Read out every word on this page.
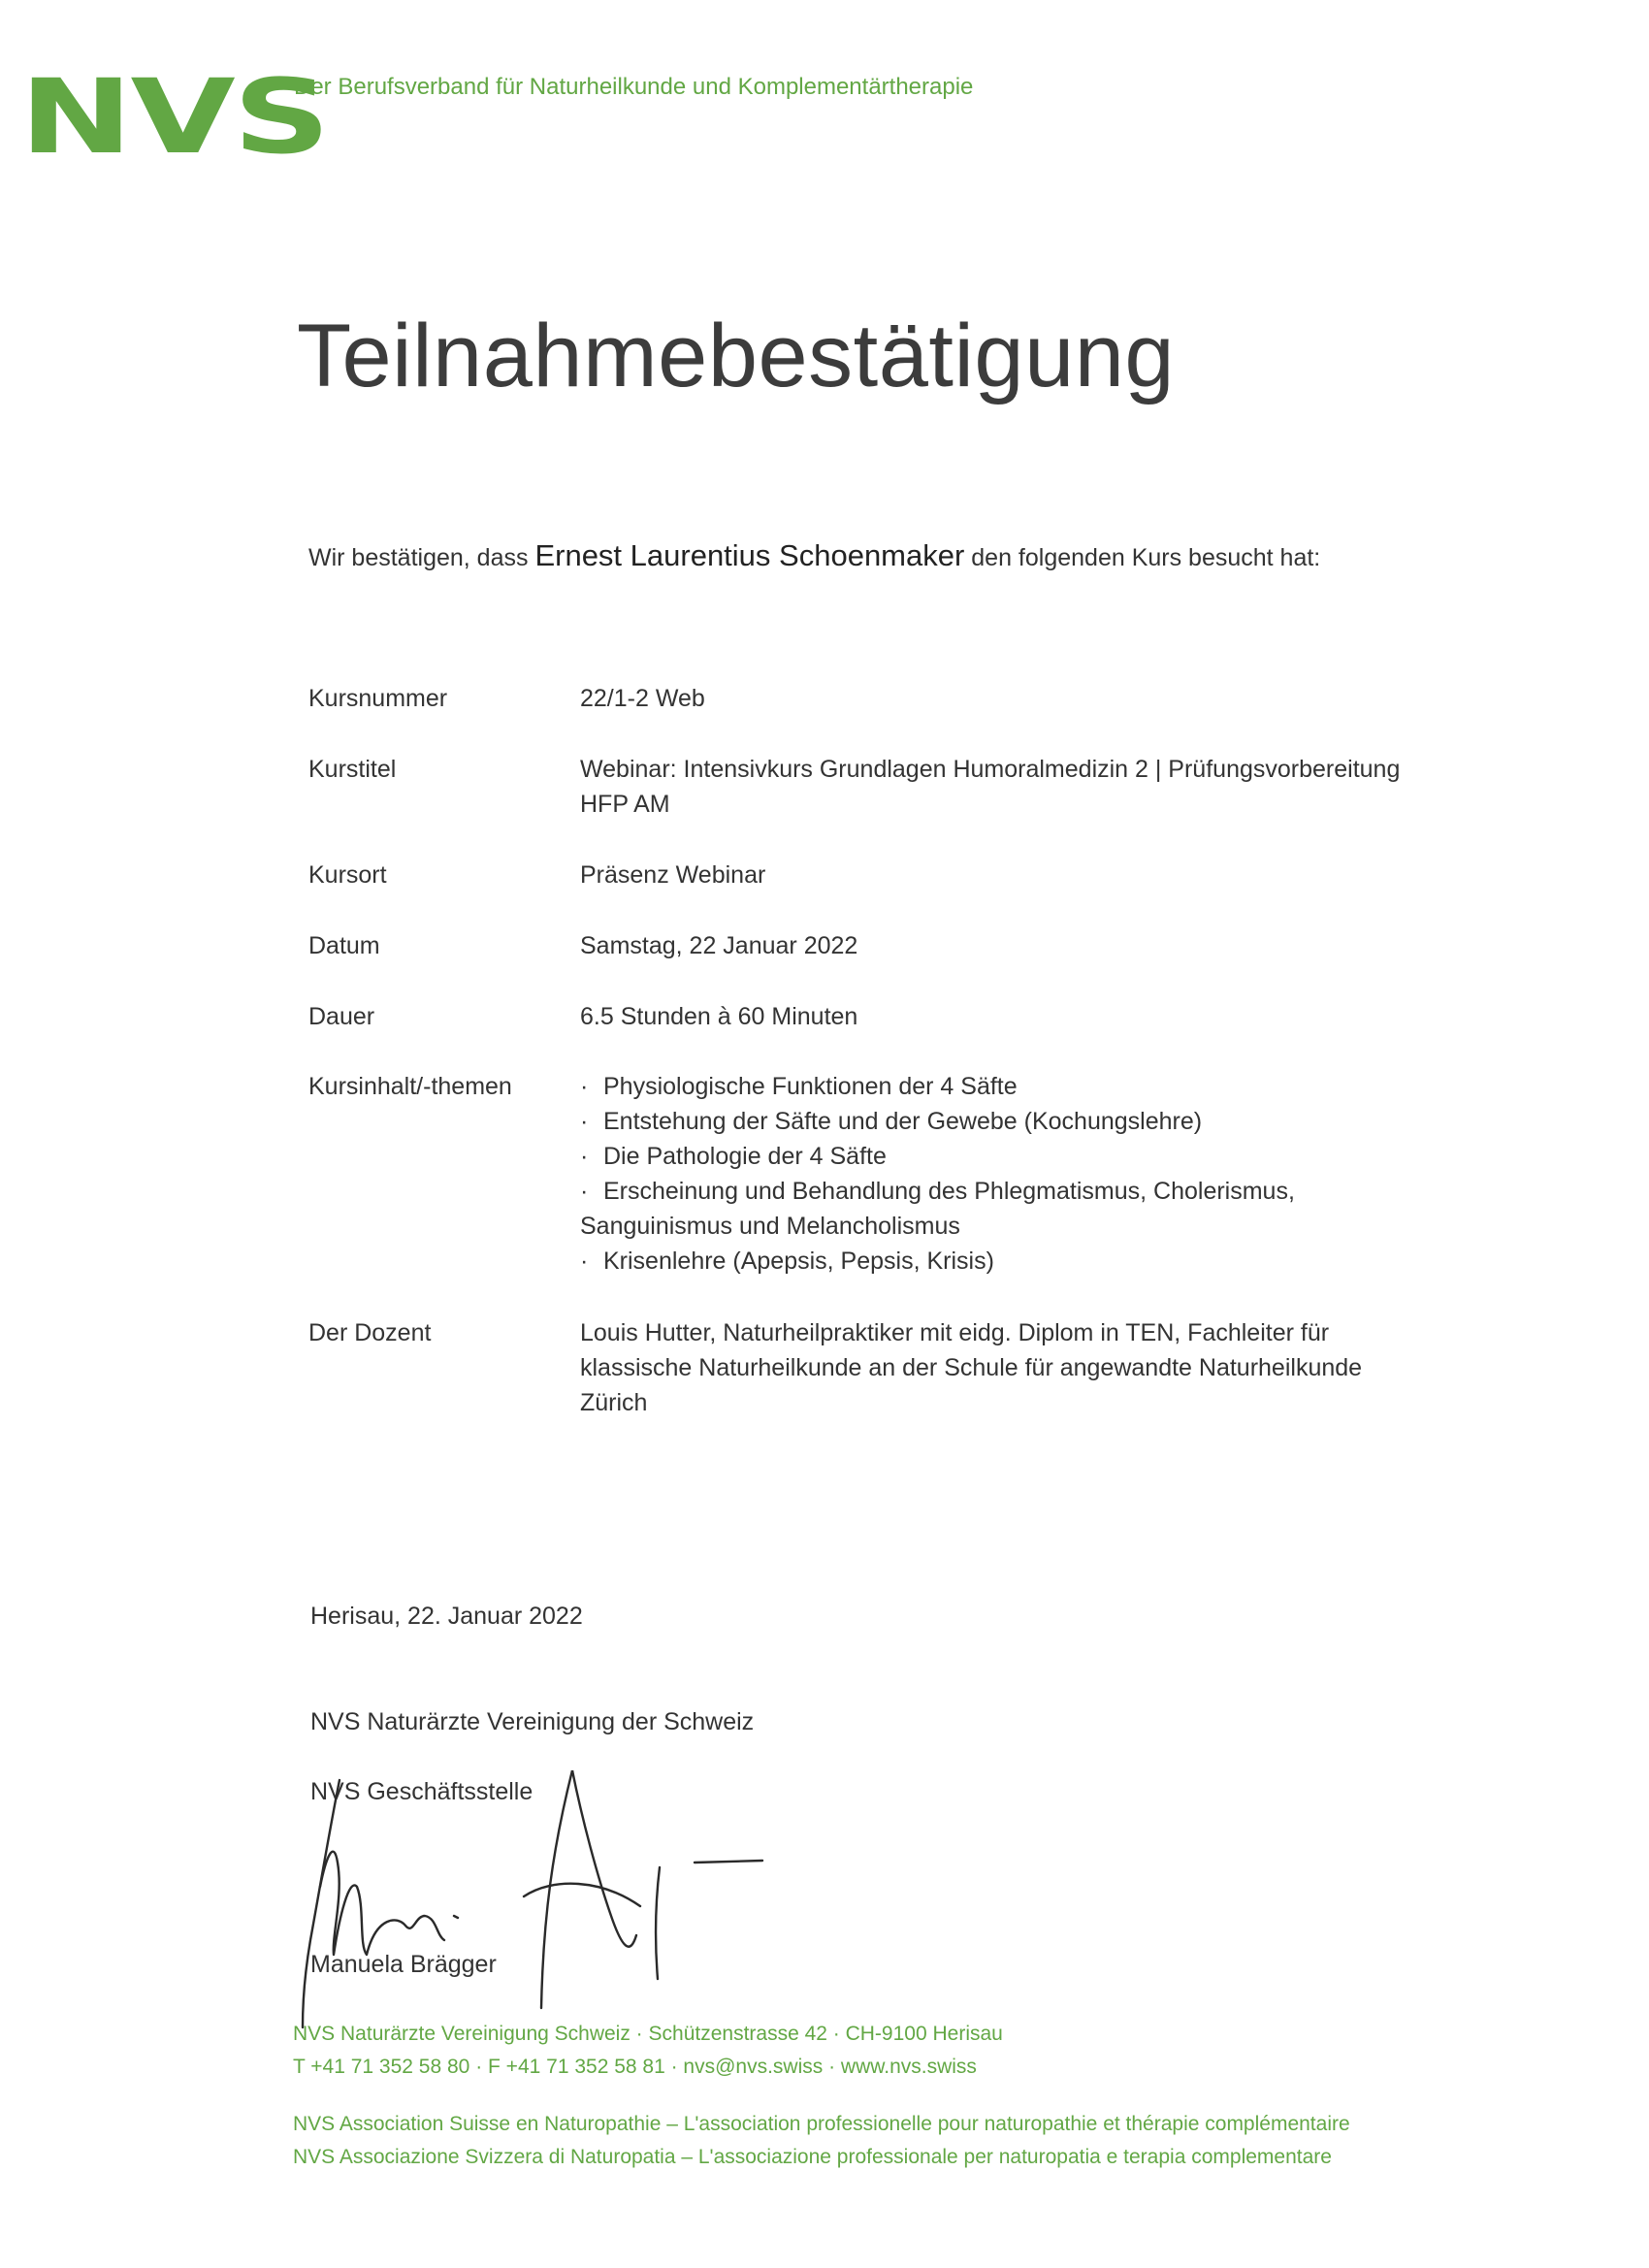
NVS
Der Berufsverband für Naturheilkunde und Komplementärtherapie
Teilnahmebestätigung
Wir bestätigen, dass Ernest Laurentius Schoenmaker den folgenden Kurs besucht hat:
Kursnummer	22/1-2 Web
Kurstitel	Webinar: Intensivkurs Grundlagen Humoralmedizin 2 | Prüfungsvorbereitung HFP AM
Kursort	Präsenz Webinar
Datum	Samstag, 22 Januar 2022
Dauer	6.5 Stunden à 60 Minuten
Kursinhalt/-themen	· Physiologische Funktionen der 4 Säfte
· Entstehung der Säfte und der Gewebe (Kochungslehre)
· Die Pathologie der 4 Säfte
· Erscheinung und Behandlung des Phlegmatismus, Cholerismus,
Sanguinismus und Melancholismus
· Krisenlehre (Apepsis, Pepsis, Krisis)
Der Dozent	Louis Hutter, Naturheilpraktiker mit eidg. Diplom in TEN, Fachleiter für klassische Naturheilkunde an der Schule für angewandte Naturheilkunde Zürich
Herisau, 22. Januar 2022
NVS Naturärzte Vereinigung der Schweiz
NVS Geschäftsstelle
Manuela Brägger
NVS Naturärzte Vereinigung Schweiz · Schützenstrasse 42 · CH-9100 Herisau
T +41 71 352 58 80 · F +41 71 352 58 81 · nvs@nvs.swiss · www.nvs.swiss
NVS Association Suisse en Naturopathie – L'association professionelle pour naturopathie et thérapie complémentaire
NVS Associazione Svizzera di Naturopatia – L'associazione professionale per naturopatia e terapia complementare
